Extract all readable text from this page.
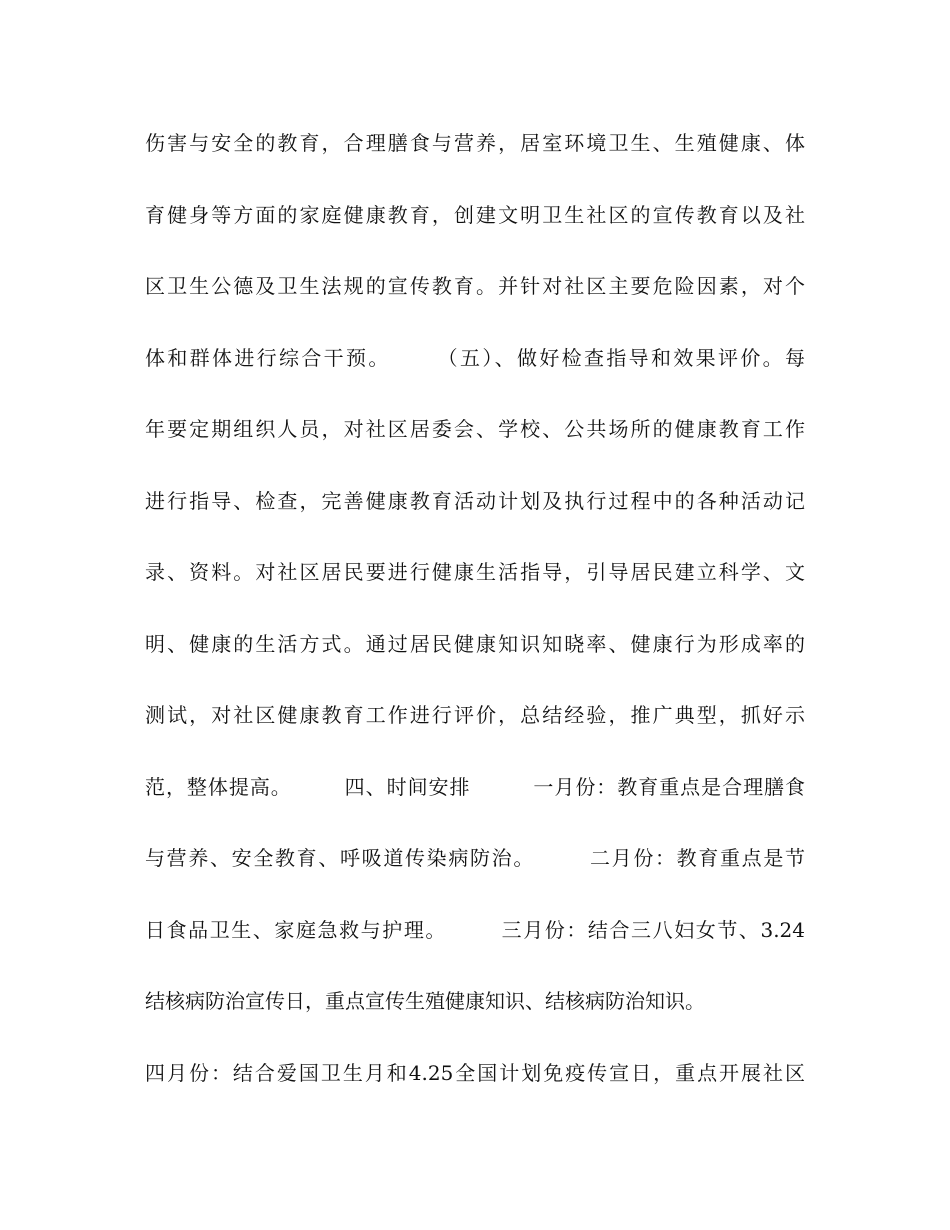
伤害与安全的教育，合理膳食与营养，居室环境卫生、生殖健康、体
育健身等方面的家庭健康教育，创建文明卫生社区的宣传教育以及社
区卫生公德及卫生法规的宣传教育。并针对社区主要危险因素，对个
体和群体进行综合干预。　　　（五）、做好检查指导和效果评价。每
年要定期组织人员，对社区居委会、学校、公共场所的健康教育工作
进行指导、检查，完善健康教育活动计划及执行过程中的各种活动记
录、资料。对社区居民要进行健康生活指导，引导居民建立科学、文
明、健康的生活方式。通过居民健康知识知晓率、健康行为形成率的
测试，对社区健康教育工作进行评价，总结经验，推广典型，抓好示
范，整体提高。　　　四、时间安排　　　一月份：教育重点是合理膳食
与营养、安全教育、呼吸道传染病防治。　　　二月份：教育重点是节
日食品卫生、家庭急救与护理。　　　三月份：结合三八妇女节、3.24
结核病防治宣传日，重点宣传生殖健康知识、结核病防治知识。
四月份：结合爱国卫生月和4.25全国计划免疫传宣日，重点开展社区
